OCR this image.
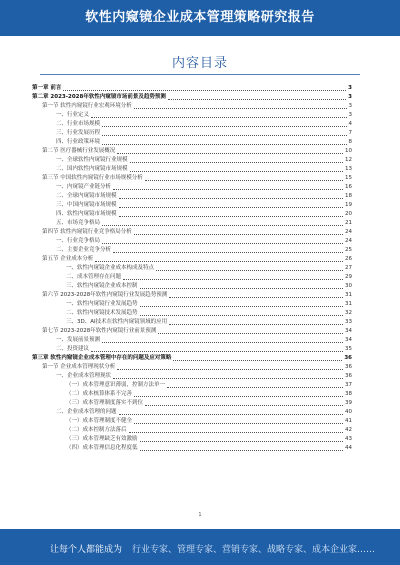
软性内窥镜企业成本管理策略研究报告
内容目录
第一章 前言	3
第二章 2023-2028年软性内窥镜市场前景及趋势预测	3
第一节 软性内窥镜行业宏观环境分析	3
一、行业定义	3
二、行业市场规模	4
三、行业发展历程	7
四、行业政策环境	8
第二节 医疗器械行业发展概况	10
一、全球软性内窥镜行业规模	12
二、国内软性内窥镜市场规模	13
第三节 中国软性内窥镜行业市场规模分析	15
一、内窥镜产业链分析	16
二、全球内窥镜市场规模	18
三、中国内窥镜市场规模	19
四、软性内窥镜市场规模	20
五、市场竞争格局	21
第四节 软性内窥镜行业竞争格局分析	24
一、行业竞争格局	24
二、主要企业竞争分析	25
第五节 企业成本分析	26
一、软性内窥镜企业成本构成及特点	27
二、成本管理存在问题	29
三、软性内窥镜企业成本控制	30
第六节 2023-2028年软性内窥镜行业发展趋势预测	31
一、软性内窥镜行业发展趋势	31
二、软性内窥镜技术发展趋势	32
三、3D、AI技术在软性内窥镜领域的应用	33
第七节 2023-2028年软性内窥镜行业前景预测	34
一、发展前景预测	34
二、投资建议	35
第三章 软性内窥镜企业成本管理中存在的问题及应对策略	36
第一节 企业成本管理现状分析	36
一、企业成本管理现状	36
（一）成本管理意识薄弱，控制方法单一	37
（二）成本核算体系不完善	38
（三）成本管理制度落实不到位	39
二、企业成本管理的问题	40
（一）成本管理制度不健全	41
（二）成本控制方法落后	42
（三）成本管理缺乏有效激励	43
（四）成本管理信息化程度低	44
1
让每个人都能成为 行业专家、管理专家、营销专家、战略专家、成本企业家……
